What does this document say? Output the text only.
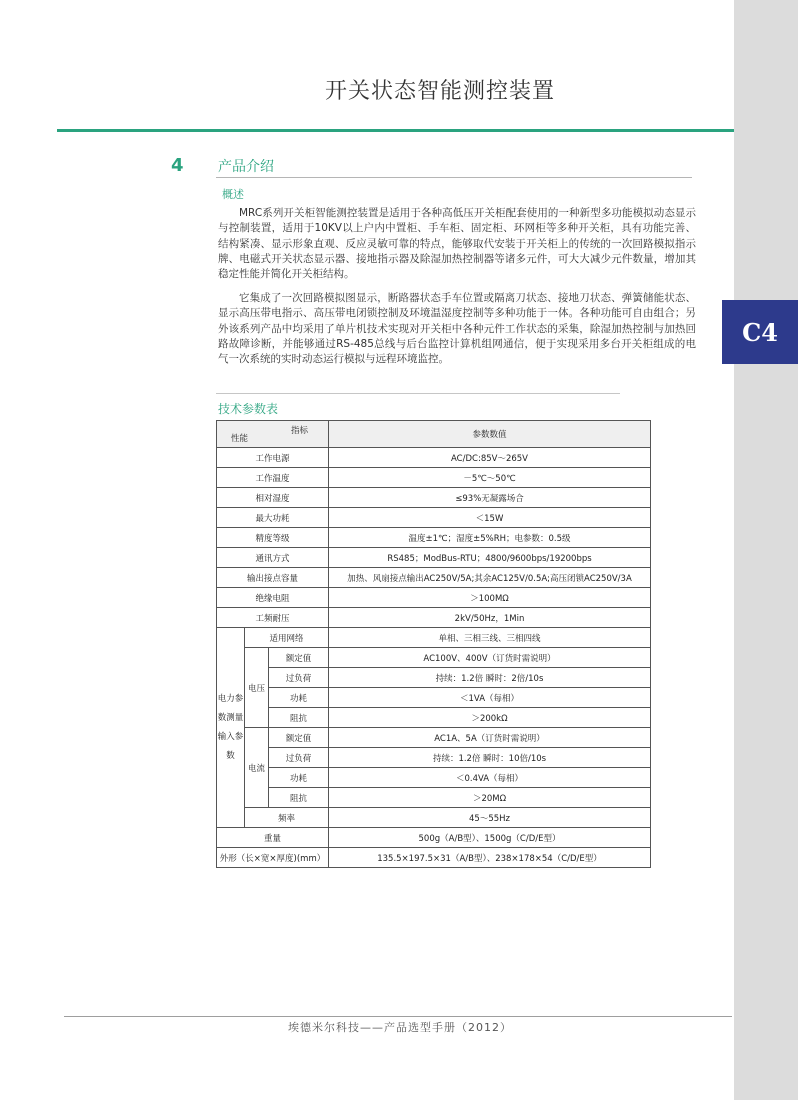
C4
开关状态智能测控装置
4 产品介绍
概述

MRC系列开关柜智能测控装置是适用于各种高低压开关柜配套使用的一种新型多功能模拟动态显示与控制装置，适用于10KV以上户内中置柜、手车柜、固定柜、环网柜等多种开关柜，具有功能完善、结构紧凑、显示形象直观、反应灵敏可靠的特点，能够取代安装于开关柜上的传统的一次回路模拟指示牌、电磁式开关状态显示器、接地指示器及除湿加热控制器等诸多元件，可大大减少元件数量，增加其稳定性能并简化开关柜结构。

它集成了一次回路模拟图显示，断路器状态手车位置或隔离刀状态、接地刀状态、弹簧储能状态、显示高压带电指示、高压带电闭锁控制及环境温湿度控制等多种功能于一体。各种功能可自由组合；另外该系列产品中均采用了单片机技术实现对开关柜中各种元件工作状态的采集，除湿加热控制与加热回路故障诊断，并能够通过RS-485总线与后台监控计算机组网通信，便于实现采用多台开关柜组成的电气一次系统的实时动态运行模拟与远程环境监控。

技术参数表
指标
性能			参数数值
工作电源			AC/DC:85V～265V
工作温度			－5℃～50℃
相对湿度			≤93%无凝露场合
最大功耗			＜15W
精度等级			温度±1℃；湿度±5%RH；电参数：0.5级
通讯方式			RS485；ModBus-RTU；4800/9600bps/19200bps
输出接点容量			加热、风扇接点输出AC250V/5A;其余AC125V/0.5A;高压闭锁AC250V/3A
绝缘电阻			＞100MΩ
工频耐压			2kV/50Hz，1Min
电力参数测量输入参数	适用网络		单相、三相三线、三相四线
	电压	额定值	AC100V、400V（订货时需说明）
		过负荷	持续：1.2倍 瞬时：2倍/10s
		功耗	＜1VA（每相）
		阻抗	＞200kΩ
	电流	额定值	AC1A、5A（订货时需说明）
		过负荷	持续：1.2倍 瞬时：10倍/10s
		功耗	＜0.4VA（每相）
		阻抗	＞20MΩ
	频率		45～55Hz
重量			500g（A/B型）、1500g（C/D/E型）
外形（长×宽×厚度)(mm）			135.5×197.5×31（A/B型）、238×178×54（C/D/E型）
埃德米尔科技——产品选型手册（2012）
